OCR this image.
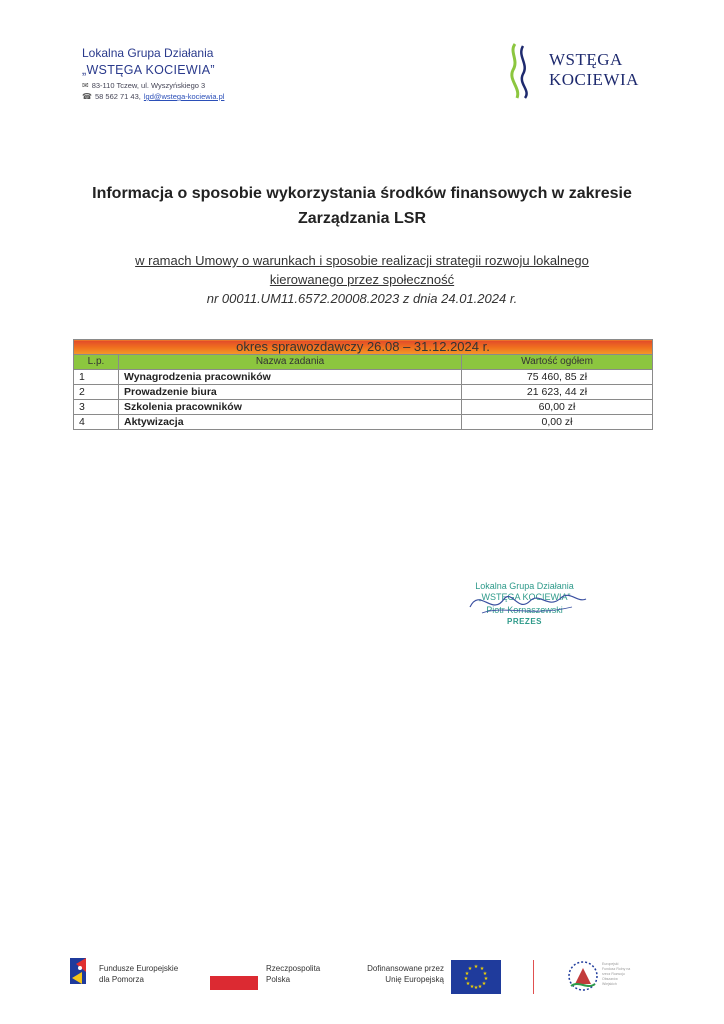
Lokalna Grupa Działania
„WSTĘGA KOCIEWIA”
✉ 83-110 Tczew, ul. Wyszyńskiego 3
☎ 58 562 71 43, lgd@wstega-kociewia.pl
WSTĘGA
KOCIEWIA
Informacja o sposobie wykorzystania środków finansowych w zakresie
Zarządzania LSR
w ramach Umowy o warunkach i sposobie realizacji strategii rozwoju lokalnego
kierowanego przez społeczność
nr 00011.UM11.6572.20008.2023 z dnia 24.01.2024 r.
okres sprawozdawczy 26.08 – 31.12.2024 r.		
L.p.	Nazwa zadania	Wartość ogółem
1	Wynagrodzenia pracowników	75 460, 85 zł
2	Prowadzenie biura	21 623, 44 zł
3	Szkolenia pracowników	60,00 zł
4	Aktywizacja	0,00 zł
Lokalna Grupa Działania
„WSTĘGA KOCIEWIA”
Piotr Kornaszewski
PREZES
Fundusze Europejskie
dla Pomorza
Rzeczpospolita
Polska
Dofinansowane przez
Unię Europejską
★ ★
★
★
★
★
★
★
★
★
★
★
Europejski Fundusz Rolny na rzecz Rozwoju Obszarów Wiejskich
